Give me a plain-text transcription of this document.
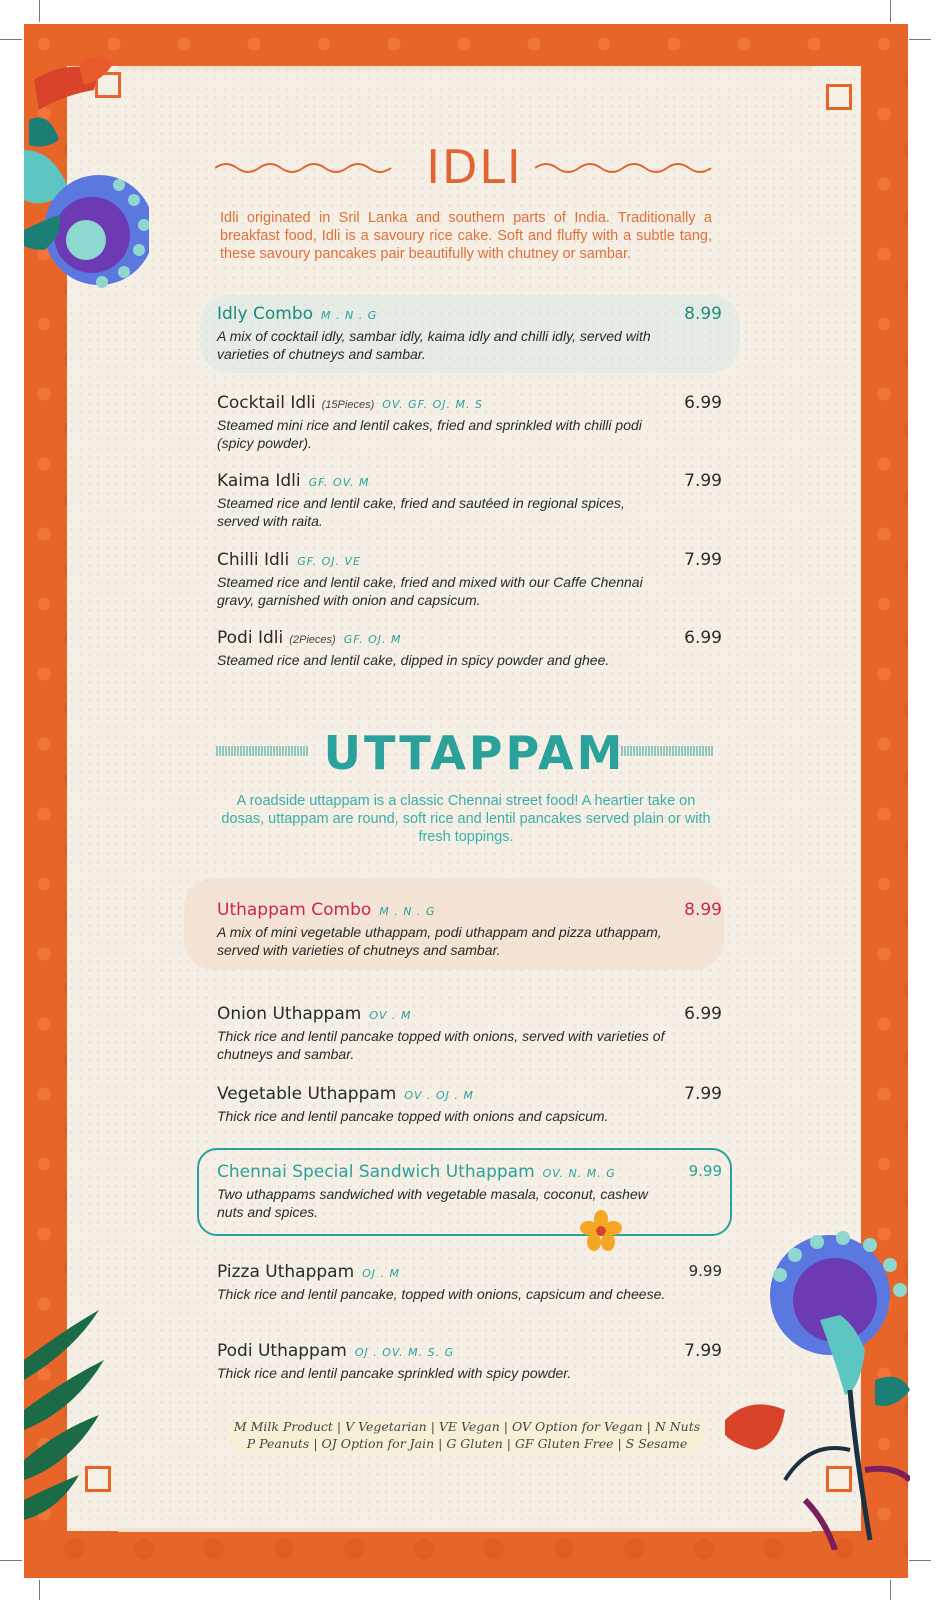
IDLI
Idli originated in Sril Lanka and southern parts of India. Traditionally a breakfast food, Idli is a savoury rice cake. Soft and fluffy with a subtle tang, these savoury pancakes pair beautifully with chutney or sambar.
Idly Combo M . N . G	8.99
A mix of cocktail idly, sambar idly, kaima idly and chilli idly, served with varieties of chutneys and sambar.
Cocktail Idli (15Pieces) OV. GF. OJ. M. S	6.99
Steamed mini rice and lentil cakes, fried and sprinkled with chilli podi (spicy powder).
Kaima Idli GF. OV. M	7.99
Steamed rice and lentil cake, fried and sautéed in regional spices, served with raita.
Chilli Idli GF. OJ. VE	7.99
Steamed rice and lentil cake, fried and mixed with our Caffe Chennai gravy, garnished with onion and capsicum.
Podi Idli (2Pieces) GF. OJ. M	6.99
Steamed rice and lentil cake, dipped in spicy powder and ghee.
UTTAPPAM
A roadside uttappam is a classic Chennai street food! A heartier take on dosas, uttappam are round, soft rice and lentil pancakes served plain or with fresh toppings.
Uthappam Combo M . N . G	8.99
A mix of mini vegetable uthappam, podi uthappam and pizza uthappam, served with varieties of chutneys and sambar.
Onion Uthappam OV . M	6.99
Thick rice and lentil pancake topped with onions, served with varieties of chutneys and sambar.
Vegetable Uthappam OV . OJ . M	7.99
Thick rice and lentil pancake topped with onions and capsicum.
Chennai Special Sandwich Uthappam OV. N. M. G	9.99
Two uthappams sandwiched with vegetable masala, coconut, cashew nuts and spices.
Pizza Uthappam OJ . M	9.99
Thick rice and lentil pancake, topped with onions, capsicum and cheese.
Podi Uthappam OJ . OV. M. S. G	7.99
Thick rice and lentil pancake sprinkled with spicy powder.
M Milk Product | V Vegetarian | VE Vegan | OV Option for Vegan | N Nuts
P Peanuts | OJ Option for Jain | G Gluten | GF Gluten Free | S Sesame
